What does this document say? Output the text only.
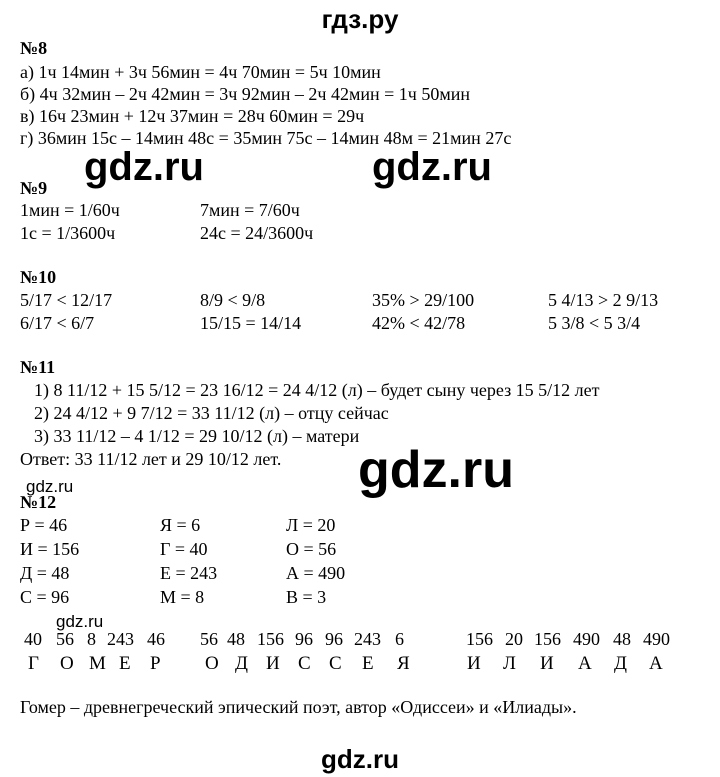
гдз.ру
№8
а) 1ч 14мин + 3ч 56мин = 4ч 70мин = 5ч 10мин
б) 4ч 32мин – 2ч 42мин = 3ч 92мин – 2ч 42мин = 1ч 50мин
в) 16ч 23мин + 12ч 37мин = 28ч 60мин = 29ч
г) 36мин 15с – 14мин 48с = 35мин 75с – 14мин 48м = 21мин 27с
gdz.ru	gdz.ru
№9
1мин = 1/60ч	7мин = 7/60ч
1с = 1/3600ч	24с = 24/3600ч
№10
5/17 < 12/17	8/9 < 9/8	35% > 29/100	5 4/13 > 2 9/13
6/17 < 6/7	15/15 = 14/14	42% < 42/78	5 3/8 < 5 3/4
№11
1) 8 11/12 + 15 5/12 = 23 16/12 = 24 4/12 (л) – будет сыну через 15 5/12 лет
2) 24 4/12 + 9 7/12 = 33 11/12 (л) – отцу сейчас
3) 33 11/12 – 4 1/12 = 29 10/12 (л) – матери
Ответ: 33 11/12 лет и 29 10/12 лет. gdz.ru
gdz.ru
№12
Р = 46	Я = 6	Л = 20
И = 156	Г = 40	О = 56
Д = 48	Е = 243	А = 490
С = 96	М = 8	В = 3
gdz.ru
40 56 8 243 46 56 48 156 96 96 243 6	156 20 156 490 48 490
Г О М Е Р О Д И С С Е Я	И Л И А Д А
Гомер – древнегреческий эпический поэт, автор «Одиссеи» и «Илиады».
gdz.ru
